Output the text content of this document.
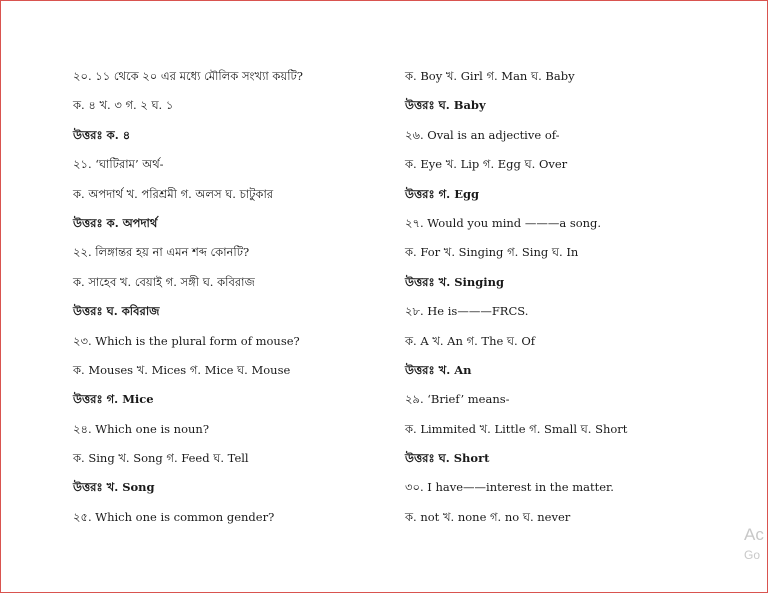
২০. ১১ থেকে ২০ এর মধ্যে মৌলিক সংখ্যা কয়টি?
ক. ৪ খ. ৩ গ. ২ ঘ. ১
উত্তরঃ ক. ৪
২১. ‘ঘাটিরাম’ অর্থ-
ক. অপদার্থ খ. পরিশ্রমী গ. অলস ঘ. চাটুকার
উত্তরঃ ক. অপদার্থ
২২. লিঙ্গান্তর হয় না এমন শব্দ কোনটি?
ক. সাহেব খ. বেয়াই গ. সঙ্গী ঘ. কবিরাজ
উত্তরঃ ঘ. কবিরাজ
২৩. Which is the plural form of mouse?
ক. Mouses খ. Mices গ. Mice ঘ. Mouse
উত্তরঃ গ. Mice
২৪. Which one is noun?
ক. Sing খ. Song গ. Feed ঘ. Tell
উত্তরঃ খ. Song
২৫. Which one is common gender?
ক. Boy খ. Girl গ. Man ঘ. Baby
উত্তরঃ ঘ. Baby
২৬. Oval is an adjective of-
ক. Eye খ. Lip গ. Egg ঘ. Over
উত্তরঃ গ. Egg
২৭. Would you mind ———a song.
ক. For খ. Singing গ. Sing ঘ. In
উত্তরঃ খ. Singing
২৮. He is———FRCS.
ক. A খ. An গ. The ঘ. Of
উত্তরঃ খ. An
২৯. ‘Brief’ means-
ক. Limmited খ. Little গ. Small ঘ. Short
উত্তরঃ ঘ. Short
৩০. I have——interest in the matter.
ক. not খ. none গ. no ঘ. never
Ac
Go
